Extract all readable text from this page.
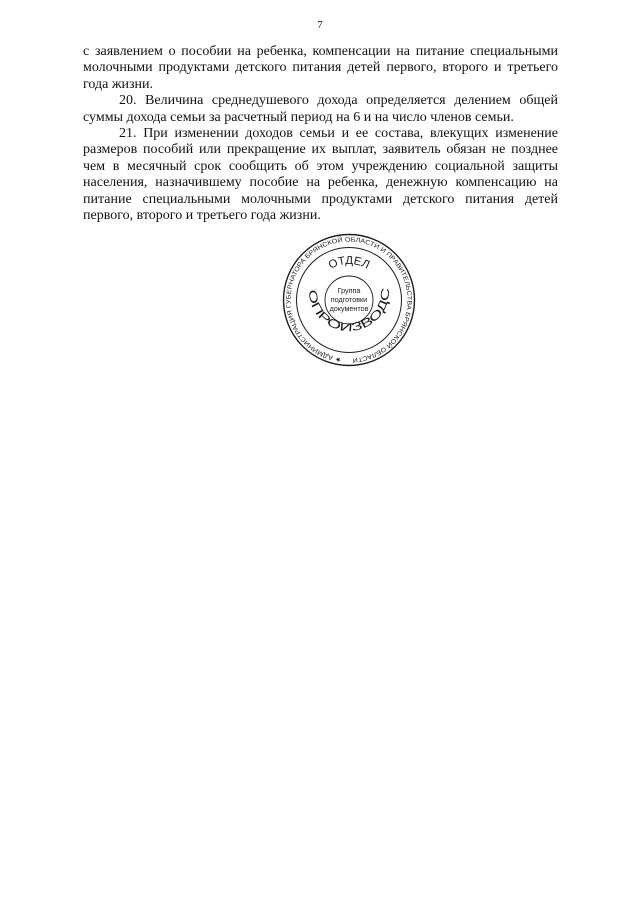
7

с заявлением о пособии на ребенка, компенсации на питание специальными молочными продуктами детского питания детей первого, второго и третьего года жизни.

20. Величина среднедушевого дохода определяется делением общей суммы дохода семьи за расчетный период на 6 и на число членов семьи.

21. При изменении доходов семьи и ее состава, влекущих изменение размеров пособий или прекращение их выплат, заявитель обязан не позднее чем в месячный срок сообщить об этом учреждению социальной защиты населения, назначившему пособие на ребенка, денежную компенсацию на питание специальными молочными продуктами детского питания детей первого, второго и третьего года жизни.

★ АДМИНИСТРАЦИЯ ГУБЕРНАТОРА БРЯНСКОЙ ОБЛАСТИ И ПРАВИТЕЛЬСТВА БРЯНСКОЙ ОБЛАСТИ
ОТДЕЛ
ОПРОИЗВОДС
Группа
подготовки
документов
